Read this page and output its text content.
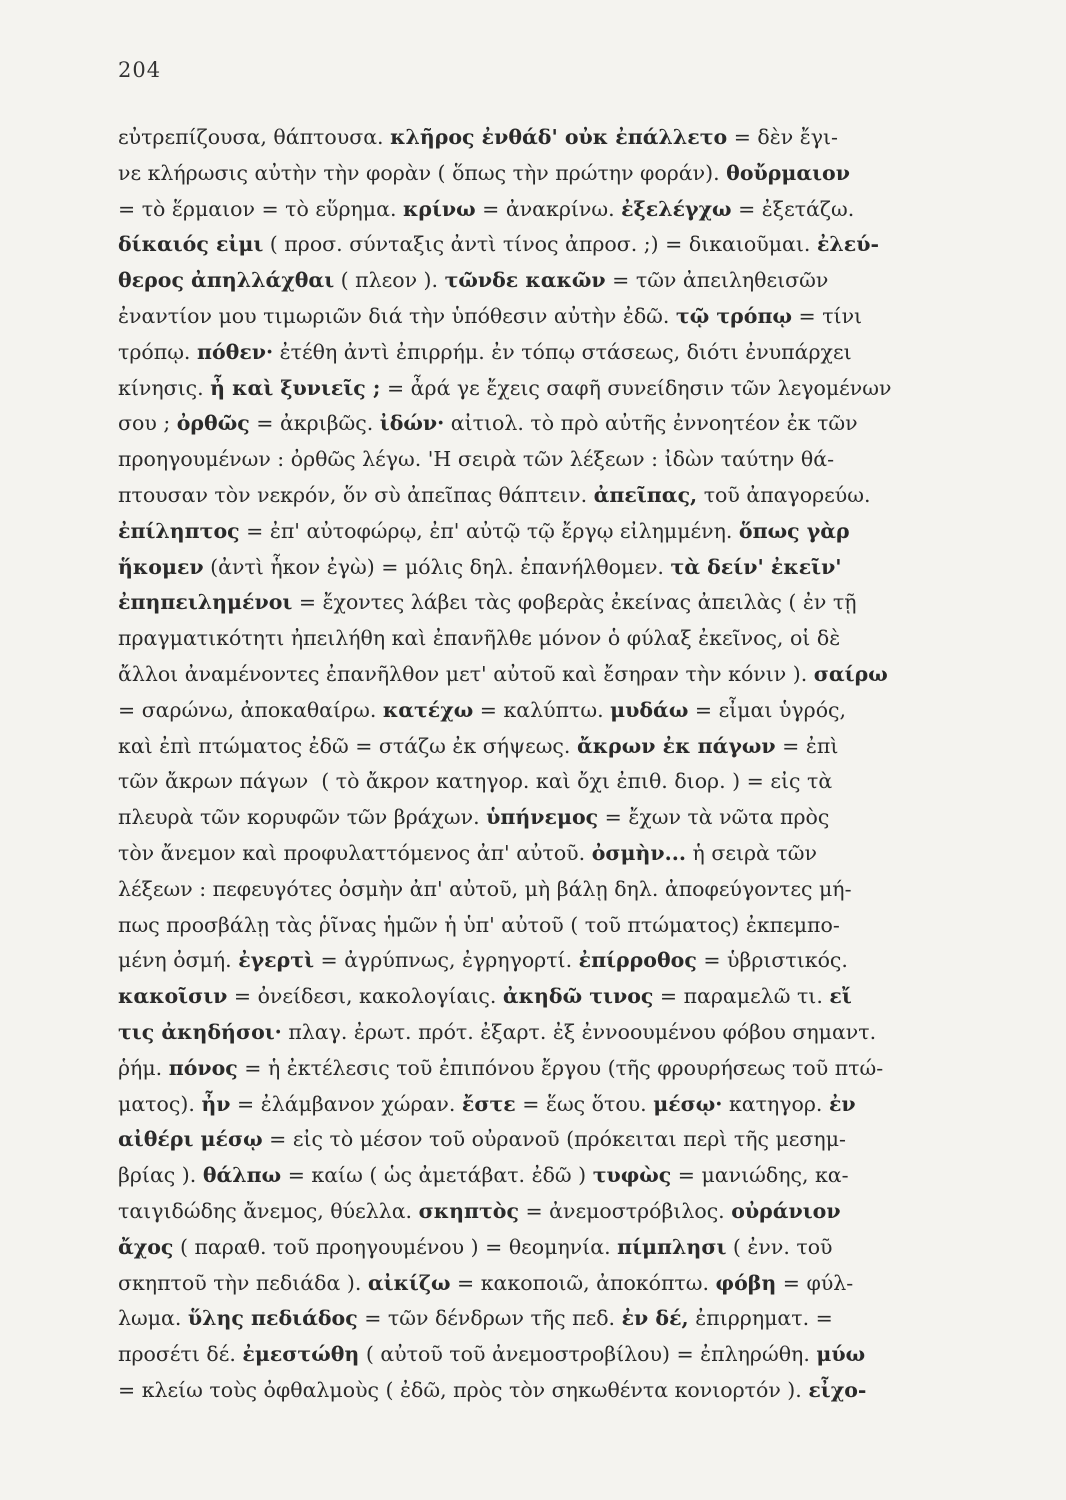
204
εὐτρεπίζουσα, θάπτουσα. κλῆρος ἐνθάδ' οὐκ ἐπάλλετο = δὲν ἔγι-
νε κλήρωσις αὐτὴν τὴν φορὰν ( ὅπως τὴν πρώτην φοράν). θοὔρμαιον
= τὸ ἕρμαιον = τὸ εὕρημα. κρίνω = ἀνακρίνω. ἐξελέγχω = ἐξετάζω.
δίκαιός εἰμι ( προσ. σύνταξις ἀντὶ τίνος ἀπροσ. ;) = δικαιοῦμαι. ἐλεύ-
θερος ἀπηλλάχθαι ( πλεον ). τῶνδε κακῶν = τῶν ἀπειληθεισῶν
ἐναντίον μου τιμωριῶν διά τὴν ὑπόθεσιν αὐτὴν ἐδῶ. τῷ τρόπῳ = τίνι
τρόπῳ. πόθεν· ἐτέθη ἀντὶ ἐπιρρήμ. ἐν τόπῳ στάσεως, διότι ἐνυπάρχει
κίνησις. ἦ καὶ ξυνιεῖς ; = ἆρά γε ἔχεις σαφῆ συνείδησιν τῶν λεγομένων
σου ; ὀρθῶς = ἀκριβῶς. ἰδών· αἰτιολ. τὸ πρὸ αὐτῆς ἐννοητέον ἐκ τῶν
προηγουμένων : ὀρθῶς λέγω. 'Η σειρὰ τῶν λέξεων : ἰδὼν ταύτην θά-
πτουσαν τὸν νεκρόν, ὅν σὺ ἀπεῖπας θάπτειν. ἀπεῖπας, τοῦ ἀπαγορεύω.
ἐπίληπτος = ἐπ' αὐτοφώρῳ, ἐπ' αὐτῷ τῷ ἔργῳ εἰλημμένη. ὅπως γὰρ
ἥκομεν (ἀντὶ ἧκον ἐγὼ) = μόλις δηλ. ἐπανήλθομεν. τὰ δείν' ἐκεῖν'
ἐπηπειλημένοι = ἔχοντες λάβει τὰς φοβερὰς ἐκείνας ἀπειλὰς ( ἐν τῇ
πραγματικότητι ἠπειλήθη καὶ ἐπανῆλθε μόνον ὁ φύλαξ ἐκεῖνος, οἱ δὲ
ἄλλοι ἀναμένοντες ἐπανῆλθον μετ' αὐτοῦ καὶ ἔσηραν τὴν κόνιν ). σαίρω
= σαρώνω, ἀποκαθαίρω. κατέχω = καλύπτω. μυδάω = εἶμαι ὑγρός,
καὶ ἐπὶ πτώματος ἐδῶ = στάζω ἐκ σήψεως. ἄκρων ἐκ πάγων = ἐπὶ
τῶν ἄκρων πάγων  ( τὸ ἄκρον κατηγορ. καὶ ὄχι ἐπιθ. διορ. ) = εἰς τὰ
πλευρὰ τῶν κορυφῶν τῶν βράχων. ὑπήνεμος = ἔχων τὰ νῶτα πρὸς
τὸν ἄνεμον καὶ προφυλαττόμενος ἀπ' αὐτοῦ. ὀσμὴν... ἡ σειρὰ τῶν
λέξεων : πεφευγότες ὀσμὴν ἀπ' αὐτοῦ, μὴ βάλῃ δηλ. ἀποφεύγοντες μή-
πως προσβάλῃ τὰς ῥῖνας ἡμῶν ἡ ὑπ' αὐτοῦ ( τοῦ πτώματος) ἐκπεμπο-
μένη ὀσμή. ἐγερτὶ = ἀγρύπνως, ἐγρηγορτί. ἐπίρροθος = ὑβριστικός.
κακοῖσιν = ὀνείδεσι, κακολογίαις. ἀκηδῶ τινος = παραμελῶ τι. εἴ
τις ἀκηδήσοι· πλαγ. ἐρωτ. πρότ. ἐξαρτ. ἐξ ἐννοουμένου φόβου σημαντ.
ῥήμ. πόνος = ἡ ἐκτέλεσις τοῦ ἐπιπόνου ἔργου (τῆς φρουρήσεως τοῦ πτώ-
ματος). ἦν = ἐλάμβανον χώραν. ἔστε = ἕως ὅτου. μέσῳ· κατηγορ. ἐν
αἰθέρι μέσῳ = εἰς τὸ μέσον τοῦ οὐρανοῦ (πρόκειται περὶ τῆς μεσημ-
βρίας ). θάλπω = καίω ( ὡς ἀμετάβατ. ἐδῶ ) τυφὼς = μανιώδης, κα-
ταιγιδώδης ἄνεμος, θύελλα. σκηπτὸς = ἀνεμοστρόβιλος. οὐράνιον
ἄχος ( παραθ. τοῦ προηγουμένου ) = θεομηνία. πίμπλησι ( ἐνν. τοῦ
σκηπτοῦ τὴν πεδιάδα ). αἰκίζω = κακοποιῶ, ἀποκόπτω. φόβη = φύλ-
λωμα. ὕλης πεδιάδος = τῶν δένδρων τῆς πεδ. ἐν δέ, ἐπιρρηματ. =
προσέτι δέ. ἐμεστώθη ( αὐτοῦ τοῦ ἀνεμοστροβίλου) = ἐπληρώθη. μύω
= κλείω τοὺς ὀφθαλμοὺς ( ἐδῶ, πρὸς τὸν σηκωθέντα κονιορτόν ). εἶχο-
